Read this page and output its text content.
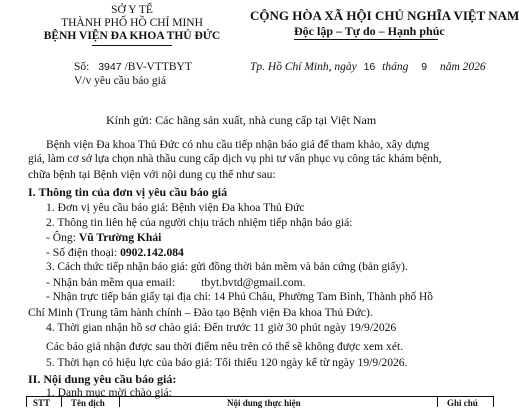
SỞ Y TẾ
THÀNH PHỐ HỒ CHÍ MINH
BỆNH VIỆN ĐA KHOA THỦ ĐỨC
CỘNG HÒA XÃ HỘI CHỦ NGHĨA VIỆT NAM
Độc lập – Tự do – Hạnh phúc
Số: 3947 /BV-VTTBYT
V/v yêu cầu báo giá
Tp. Hồ Chí Minh, ngày 16 tháng 9 năm 2026
Kính gửi: Các hãng sản xuất, nhà cung cấp tại Việt Nam
Bệnh viện Đa khoa Thủ Đức có nhu cầu tiếp nhận báo giá để tham khảo, xây dựng
giá, làm cơ sở lựa chọn nhà thầu cung cấp dịch vụ phi tư vấn phục vụ công tác khám bệnh,
chữa bệnh tại Bệnh viện với nội dung cụ thể như sau:
I. Thông tin của đơn vị yêu cầu báo giá
1. Đơn vị yêu cầu báo giá: Bệnh viện Đa khoa Thủ Đức
2. Thông tin liên hệ của người chịu trách nhiệm tiếp nhận báo giá:
- Ông: Vũ Trường Khải
- Số điện thoại: 0902.142.084
3. Cách thức tiếp nhận báo giá: gửi đồng thời bản mềm và bản cứng (bản giấy).
- Nhận bản mềm qua email:         tbyt.bvtd@gmail.com.
- Nhận trực tiếp bản giấy tại địa chỉ: 14 Phú Châu, Phường Tam Bình, Thành phố Hồ
Chí Minh (Trung tâm hành chính – Đào tạo Bệnh viện Đa khoa Thủ Đức).
4. Thời gian nhận hồ sơ chào giá: Đến trước 11 giờ 30 phút ngày 19/9/2026
Các báo giá nhận được sau thời điểm nêu trên có thể sẽ không được xem xét.
5. Thời hạn có hiệu lực của báo giá: Tối thiểu 120 ngày kể từ ngày 19/9/2026.
II. Nội dung yêu cầu báo giá:
1. Danh mục mời chào giá:
STT Tên dịch	Nội dung thực hiện	Ghi chú
